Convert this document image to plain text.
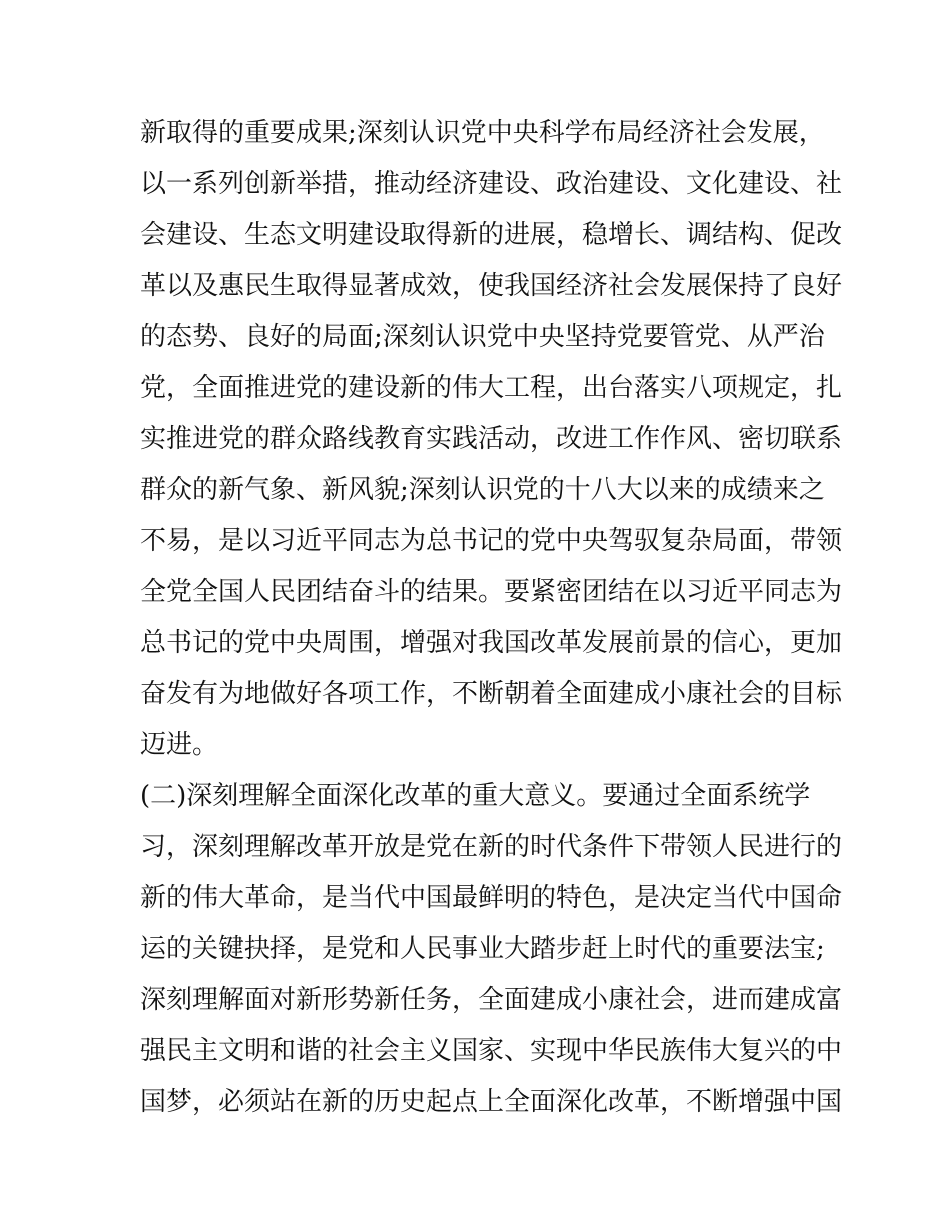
新取得的重要成果;深刻认识党中央科学布局经济社会发展，
以一系列创新举措，推动经济建设、政治建设、文化建设、社
会建设、生态文明建设取得新的进展，稳增长、调结构、促改
革以及惠民生取得显著成效，使我国经济社会发展保持了良好
的态势、良好的局面;深刻认识党中央坚持党要管党、从严治
党，全面推进党的建设新的伟大工程，出台落实八项规定，扎
实推进党的群众路线教育实践活动，改进工作作风、密切联系
群众的新气象、新风貌;深刻认识党的十八大以来的成绩来之
不易，是以习近平同志为总书记的党中央驾驭复杂局面，带领
全党全国人民团结奋斗的结果。要紧密团结在以习近平同志为
总书记的党中央周围，增强对我国改革发展前景的信心，更加
奋发有为地做好各项工作，不断朝着全面建成小康社会的目标
迈进。
(二)深刻理解全面深化改革的重大意义。要通过全面系统学
习，深刻理解改革开放是党在新的时代条件下带领人民进行的
新的伟大革命，是当代中国最鲜明的特色，是决定当代中国命
运的关键抉择，是党和人民事业大踏步赶上时代的重要法宝;
深刻理解面对新形势新任务，全面建成小康社会，进而建成富
强民主文明和谐的社会主义国家、实现中华民族伟大复兴的中
国梦，必须站在新的历史起点上全面深化改革，不断增强中国
